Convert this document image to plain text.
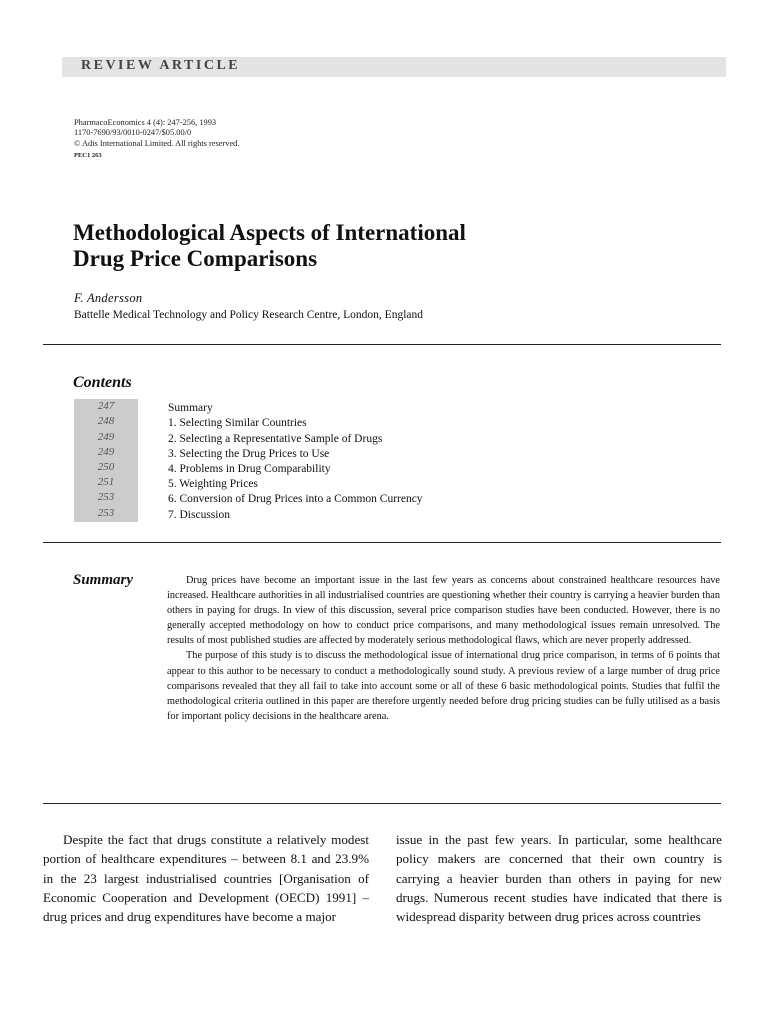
REVIEW ARTICLE
PharmacoEconomics 4 (4): 247-256, 1993
1170-7690/93/0010-0247/$05.00/0
© Adis International Limited. All rights reserved.
PEC1 263
Methodological Aspects of International
Drug Price Comparisons
F. Andersson
Battelle Medical Technology and Policy Research Centre, London, England
Contents
247
248
249
249
250
251
253
253
Summary
1. Selecting Similar Countries
2. Selecting a Representative Sample of Drugs
3. Selecting the Drug Prices to Use
4. Problems in Drug Comparability
5. Weighting Prices
6. Conversion of Drug Prices into a Common Currency
7. Discussion
Summary	Drug prices have become an important issue in the last few years as concerns about constrained healthcare resources have increased. Healthcare authorities in all industrialised countries are questioning whether their country is carrying a heavier burden than others in paying for drugs. In view of this discussion, several price comparison studies have been conducted. However, there is no generally accepted methodology on how to conduct price comparisons, and many methodological issues remain unresolved. The results of most published studies are affected by moderately serious methodological flaws, which are never properly addressed.

The purpose of this study is to discuss the methodological issue of international drug price comparison, in terms of 6 points that appear to this author to be necessary to conduct a methodologically sound study. A previous review of a large number of drug price comparisons revealed that they all fail to take into account some or all of these 6 basic methodological points. Studies that fulfil the methodological criteria outlined in this paper are therefore urgently needed before drug pricing studies can be fully utilised as a basis for important policy decisions in the healthcare arena.

Despite the fact that drugs constitute a relatively modest portion of healthcare expenditures – between 8.1 and 23.9% in the 23 largest industrialised countries [Organisation of Economic Cooperation and Development (OECD) 1991] – drug prices and drug expenditures have become a major

issue in the past few years. In particular, some healthcare policy makers are concerned that their own country is carrying a heavier burden than others in paying for new drugs. Numerous recent studies have indicated that there is widespread disparity between drug prices across countries
